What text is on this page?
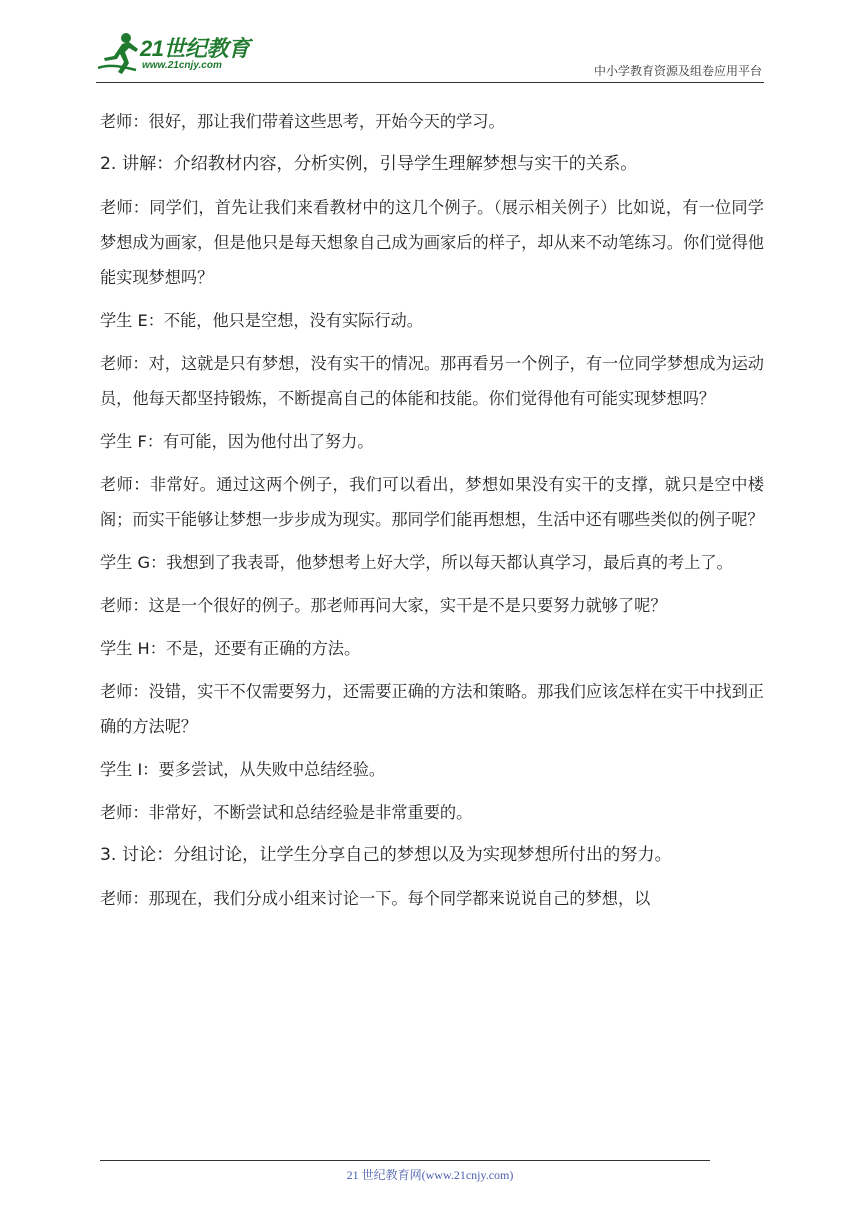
21世纪教育
www.21cnjy.com	中小学教育资源及组卷应用平台

老师：很好，那让我们带着这些思考，开始今天的学习。

2. 讲解：介绍教材内容，分析实例，引导学生理解梦想与实干的关系。

老师：同学们，首先让我们来看教材中的这几个例子。（展示相关例子）比如说，有一位同学梦想成为画家，但是他只是每天想象自己成为画家后的样子，却从来不动笔练习。你们觉得他能实现梦想吗？

学生 E：不能，他只是空想，没有实际行动。

老师：对，这就是只有梦想，没有实干的情况。那再看另一个例子，有一位同学梦想成为运动员，他每天都坚持锻炼，不断提高自己的体能和技能。你们觉得他有可能实现梦想吗？

学生 F：有可能，因为他付出了努力。

老师：非常好。通过这两个例子，我们可以看出，梦想如果没有实干的支撑，就只是空中楼阁；而实干能够让梦想一步步成为现实。那同学们能再想想，生活中还有哪些类似的例子呢？

学生 G：我想到了我表哥，他梦想考上好大学，所以每天都认真学习，最后真的考上了。

老师：这是一个很好的例子。那老师再问大家，实干是不是只要努力就够了呢？

学生 H：不是，还要有正确的方法。

老师：没错，实干不仅需要努力，还需要正确的方法和策略。那我们应该怎样在实干中找到正确的方法呢？

学生 I：要多尝试，从失败中总结经验。

老师：非常好，不断尝试和总结经验是非常重要的。

3. 讨论：分组讨论，让学生分享自己的梦想以及为实现梦想所付出的努力。

老师：那现在，我们分成小组来讨论一下。每个同学都来说说自己的梦想，以

21 世纪教育网(www.21cnjy.com)
